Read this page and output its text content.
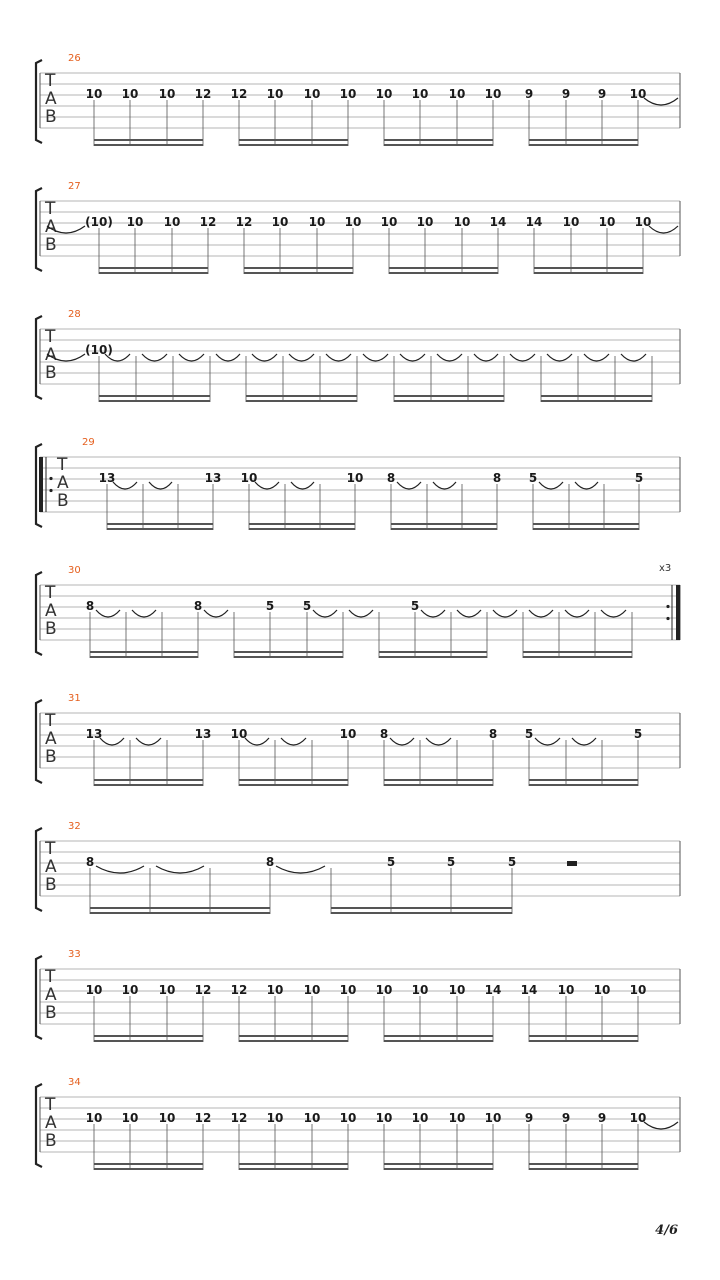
26
T
A
B
10 10 10 12 12 10 10 10 10 10 10 10 9 9 9 10
27
T
A
B
(10) 10 10 12 12 10 10 10 10 10 10 14 14 10 10 10
28
T
A
B
(10)
29
T
A
B
13	13 10	10 8	8 5	5
30
T
A
B
x3
8	8	5 5	5
31
T
A
B
13	13 10	10 8	8 5	5
32
T
A
B
8	8	5	5	5
33
T
A
B
10 10 10 12 12 10 10 10 10 10 10 14 14 10 10 10
34
T
A
B
10 10 10 12 12 10 10 10 10 10 10 10 9 9 9 10
4/6
